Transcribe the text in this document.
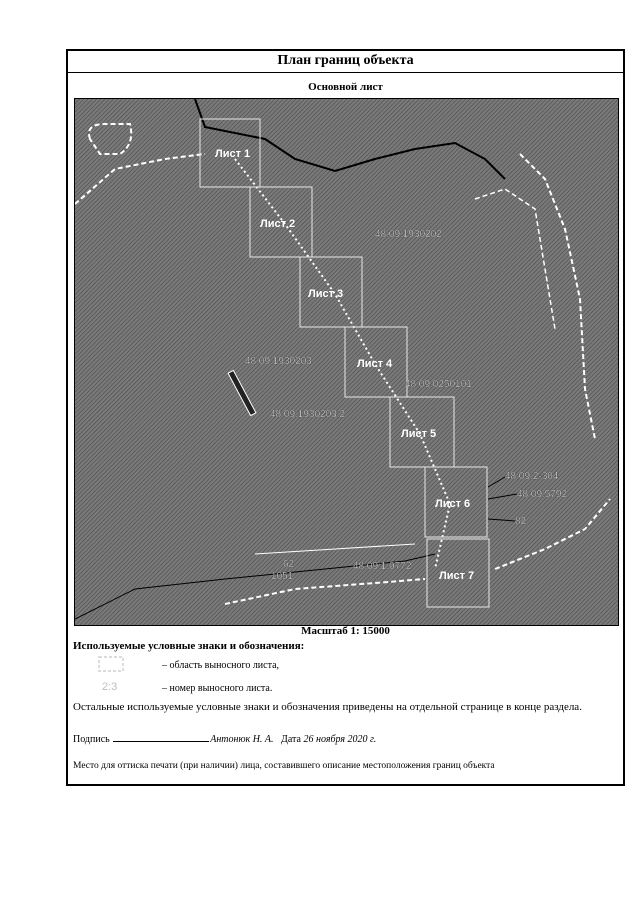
План границ объекта
Основной лист
Лист 1
Лист 2
Лист 3
Лист 4
Лист 5
Лист 6
Лист 7
48:09:1930202
48:09:1930203
48:09:0250101
48:09:1930203:2
48:09:2-304
48:09:5792
82
62
1051
48:09:1:0772
Масштаб 1: 15000
Используемые условные знаки и обозначения:
– область выносного листа,
2:3	– номер выносного листа.
Остальные используемые условные знаки и обозначения приведены на отдельной странице в конце раздела.
Подпись	Антонюк Н. А. Дата 26 ноября 2020 г.
Место для оттиска печати (при наличии) лица, составившего описание местоположения границ объекта
